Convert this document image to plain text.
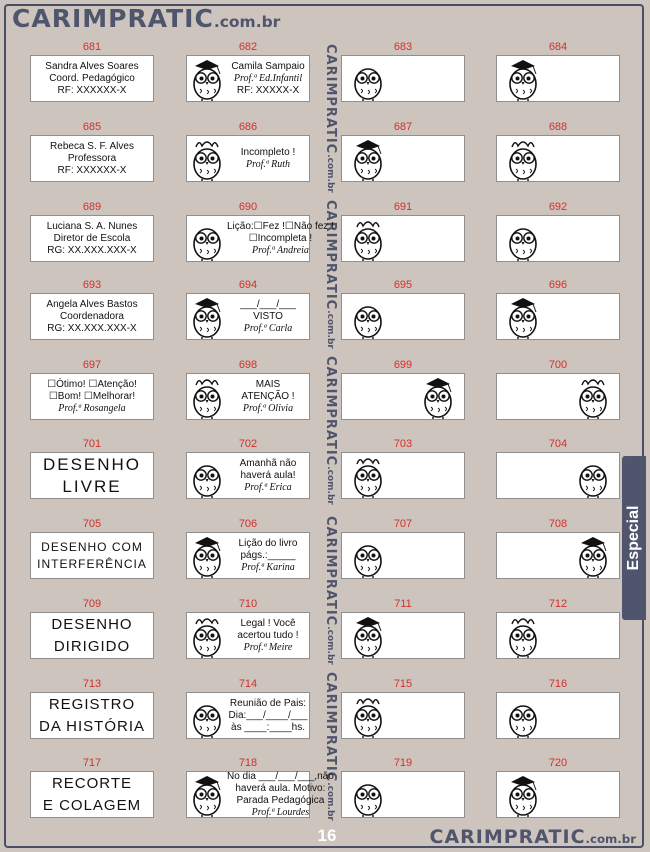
CARIMPRATIC.com.br
CARIMPRATIC.com.br
CARIMPRATIC.com.br
CARIMPRATIC.com.br
CARIMPRATIC.com.br
CARIMPRATIC.com.br
681
Sandra Alves Soares
Coord. Pedagógico
RF: XXXXXX-X
682
Camila Sampaio
Prof.ª Ed.Infantil
RF: XXXXX-X
683	684
685
Rebeca S. F. Alves
Professora
RF: XXXXXX-X
686
Incompleto !
Prof.ª Ruth
687	688
689
Luciana S. A. Nunes
Diretor de Escola
RG: XX.XXX.XXX-X
690
Lição:☐Fez !☐Não fez !
☐Incompleta !
Prof.ª Andreia
691	692
693
Angela Alves Bastos
Coordenadora
RG: XX.XXX.XXX-X
694
___/___/___
VISTO
Prof.ª Carla
695	696
697
☐Ótimo! ☐Atenção!
☐Bom! ☐Melhorar!
Prof.ª Rosangela
698
MAIS
ATENÇÃO !
Prof.ª Olivia
699	700
701
DESENHO
LIVRE
702
Amanhã não
haverá aula!
Prof.ª Erica
703	704
705
DESENHO COM
INTERFERÊNCIA
706
Lição do livro
págs.:_____
Prof.ª Karina
707	708
709
DESENHO
DIRIGIDO
710
Legal ! Você
acertou tudo !
Prof.ª Meire
711	712
713
REGISTRO
DA HISTÓRIA
714
Reunião de Pais:
Dia:___/____/___
às ____:____hs.
715	716
717
RECORTE
E COLAGEM
718
No dia ___/___/___,não
haverá aula. Motivo:
Parada Pedagógica
Prof.ª Lourdes
719	720
Especial
16	CARIMPRATIC.com.br
